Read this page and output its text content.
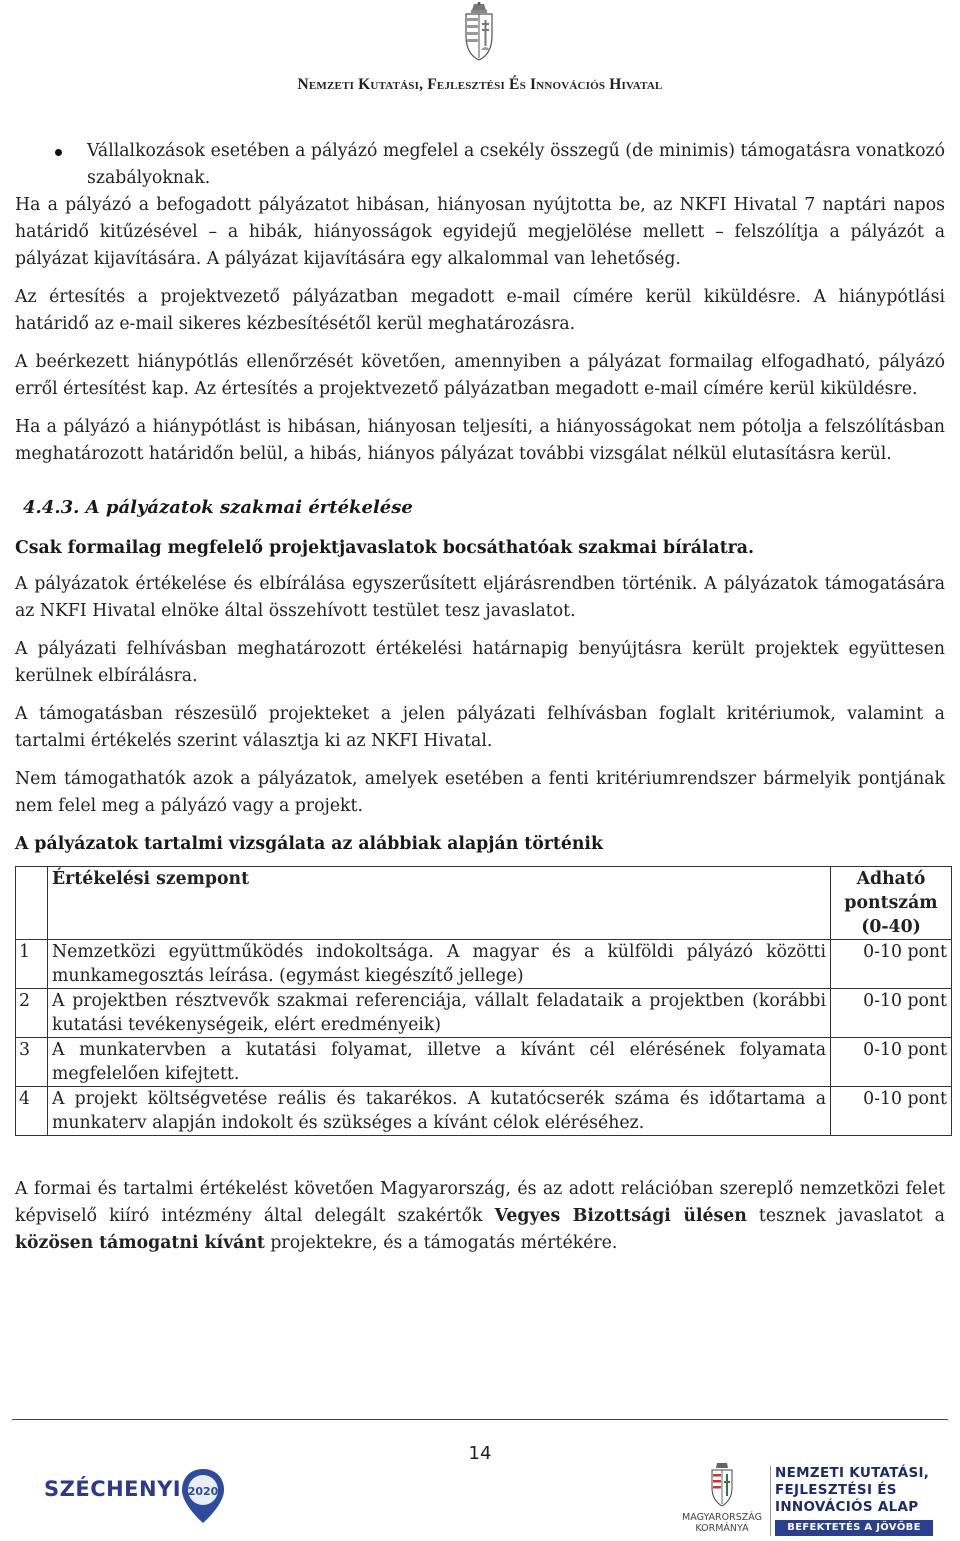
Nemzeti Kutatási, Fejlesztési És Innovációs Hivatal

Vállalkozások esetében a pályázó megfelel a csekély összegű (de minimis) támogatásra vonatkozó szabályoknak.

Ha a pályázó a befogadott pályázatot hibásan, hiányosan nyújtotta be, az NKFI Hivatal 7 naptári napos határidő kitűzésével – a hibák, hiányosságok egyidejű megjelölése mellett – felszólítja a pályázót a pályázat kijavítására. A pályázat kijavítására egy alkalommal van lehetőség.

Az értesítés a projektvezető pályázatban megadott e-mail címére kerül kiküldésre. A hiánypótlási határidő az e-mail sikeres kézbesítésétől kerül meghatározásra.

A beérkezett hiánypótlás ellenőrzését követően, amennyiben a pályázat formailag elfogadható, pályázó erről értesítést kap. Az értesítés a projektvezető pályázatban megadott e-mail címére kerül kiküldésre.

Ha a pályázó a hiánypótlást is hibásan, hiányosan teljesíti, a hiányosságokat nem pótolja a felszólításban meghatározott határidőn belül, a hibás, hiányos pályázat további vizsgálat nélkül elutasításra kerül.

4.4.3. A pályázatok szakmai értékelése

Csak formailag megfelelő projektjavaslatok bocsáthatóak szakmai bírálatra.

A pályázatok értékelése és elbírálása egyszerűsített eljárásrendben történik. A pályázatok támogatására az NKFI Hivatal elnöke által összehívott testület tesz javaslatot.

A pályázati felhívásban meghatározott értékelési határnapig benyújtásra került projektek együttesen kerülnek elbírálásra.

A támogatásban részesülő projekteket a jelen pályázati felhívásban foglalt kritériumok, valamint a tartalmi értékelés szerint választja ki az NKFI Hivatal.

Nem támogathatók azok a pályázatok, amelyek esetében a fenti kritériumrendszer bármelyik pontjának nem felel meg a pályázó vagy a projekt.

A pályázatok tartalmi vizsgálata az alábbiak alapján történik

	Értékelési szempont	Adható pontszám (0-40)
1	Nemzetközi együttműködés indokoltsága. A magyar és a külföldi pályázó közötti munkamegosztás leírása. (egymást kiegészítő jellege)	0-10 pont
2	A projektben résztvevők szakmai referenciája, vállalt feladataik a projektben (korábbi kutatási tevékenységeik, elért eredményeik)	0-10 pont
3	A munkatervben a kutatási folyamat, illetve a kívánt cél elérésének folyamata megfelelően kifejtett.	0-10 pont
4	A projekt költségvetése reális és takarékos. A kutatócserék száma és időtartama a munkaterv alapján indokolt és szükséges a kívánt célok eléréséhez.	0-10 pont

A formai és tartalmi értékelést követően Magyarország, és az adott relációban szereplő nemzetközi felet képviselő kiíró intézmény által delegált szakértők Vegyes Bizottsági ülésen tesznek javaslatot a közösen támogatni kívánt projektekre, és a támogatás mértékére.

14
SZÉCHENYI 2020
MAGYARORSZÁG
KORMÁNYA
NEMZETI KUTATÁSI,
FEJLESZTÉSI ÉS
INNOVÁCIÓS ALAP
BEFEKTETÉS A JÖVŐBE
